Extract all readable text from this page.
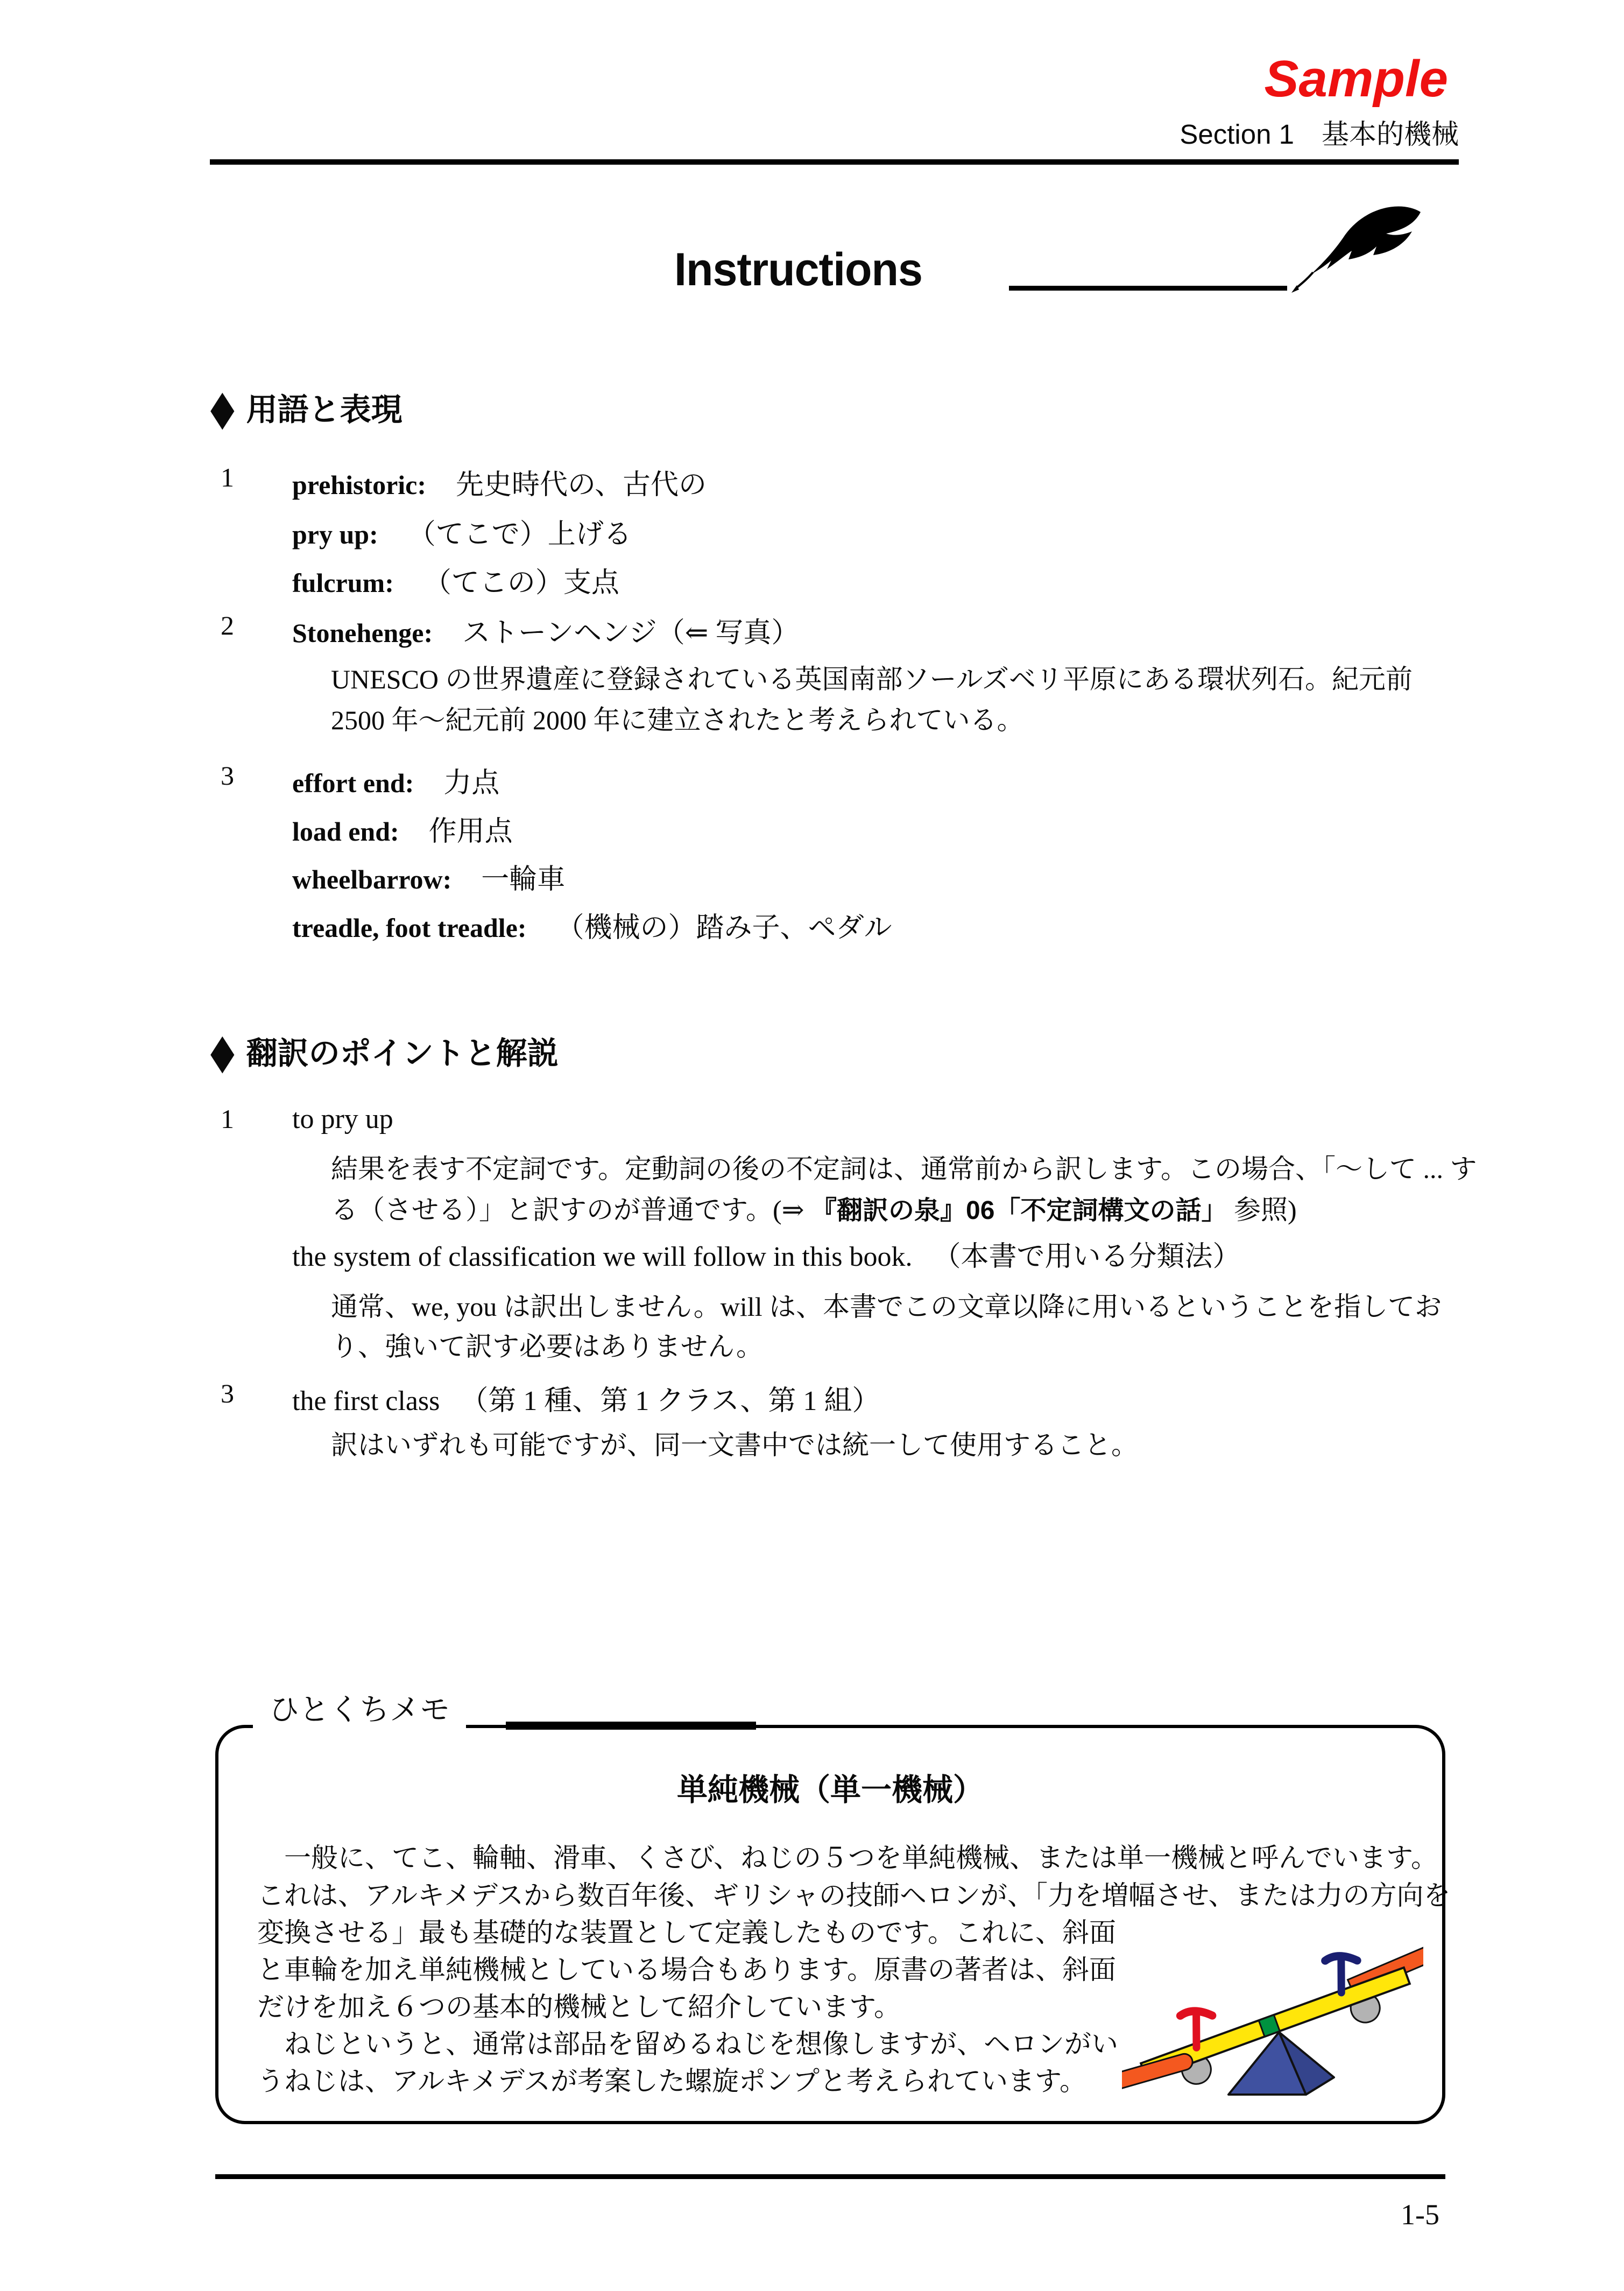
Sample
Section 1　基本的機械
Instructions
◆ 用語と表現
1 prehistoric: 先史時代の、古代の
pry up: （てこで）上げる
fulcrum: （てこの）支点
2 Stonehenge: ストーンヘンジ（⇐ 写真）
UNESCO の世界遺産に登録されている英国南部ソールズベリ平原にある環状列石。紀元前
2500 年～紀元前 2000 年に建立されたと考えられている。
3 effort end: 力点
load end: 作用点
wheelbarrow: 一輪車
treadle, foot treadle: （機械の）踏み子、ペダル
◆ 翻訳のポイントと解説
1 to pry up
結果を表す不定詞です。定動詞の後の不定詞は、通常前から訳します。この場合、「～して ... す
る（させる）」と訳すのが普通です。(⇒ 『翻訳の泉』06「不定詞構文の話」 参照)
the system of classification we will follow in this book. （本書で用いる分類法）
通常、we, you は訳出しません。will は、本書でこの文章以降に用いるということを指してお
り、強いて訳す必要はありません。
3 the first class （第 1 種、第 1 クラス、第 1 組）
訳はいずれも可能ですが、同一文書中では統一して使用すること。
ひとくちメモ
単純機械（単一機械）
　一般に、てこ、輪軸、滑車、くさび、ねじの５つを単純機械、または単一機械と呼んでいます。
これは、アルキメデスから数百年後、ギリシャの技師ヘロンが、「力を増幅させ、または力の方向を
変換させる」最も基礎的な装置として定義したものです。これに、斜面
と車輪を加え単純機械としている場合もあります。原書の著者は、斜面
だけを加え６つの基本的機械として紹介しています。
　ねじというと、通常は部品を留めるねじを想像しますが、ヘロンがい
うねじは、アルキメデスが考案した螺旋ポンプと考えられています。
1-5
